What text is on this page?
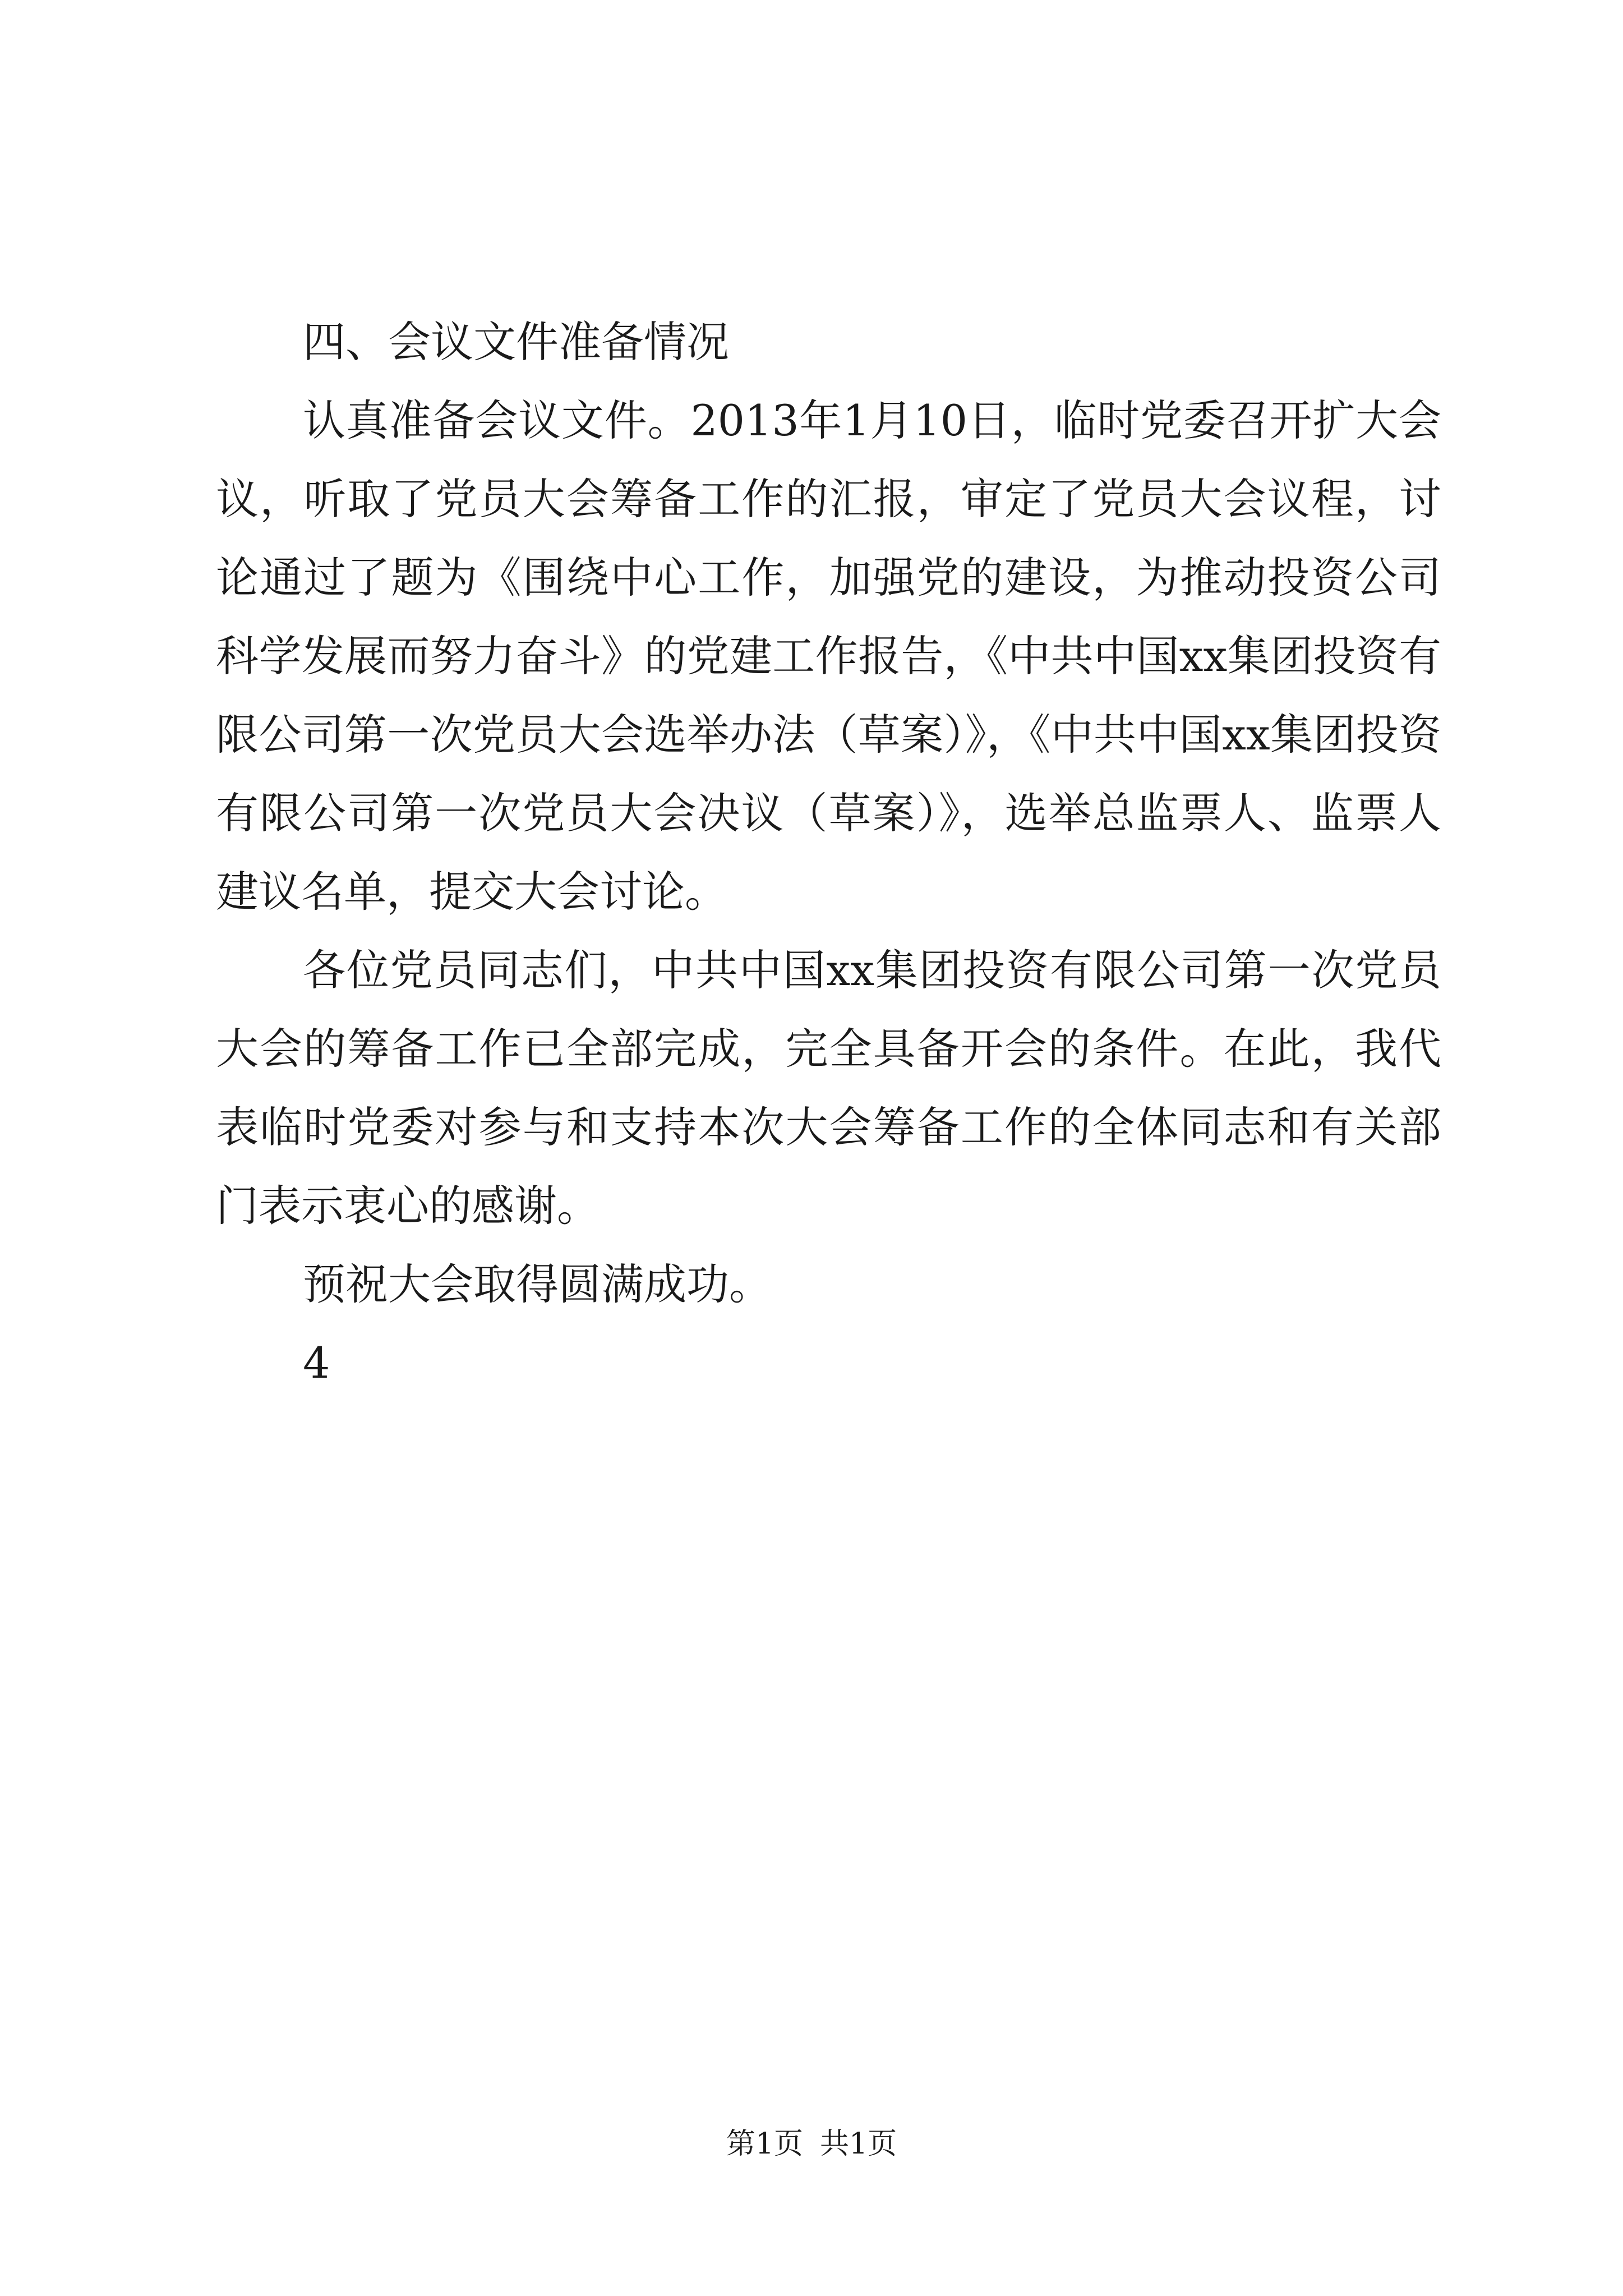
四、会议文件准备情况

认真准备会议文件。2013年1月10日，临时党委召开扩大会议，听取了党员大会筹备工作的汇报，审定了党员大会议程，讨论通过了题为《围绕中心工作，加强党的建设，为推动投资公司科学发展而努力奋斗》的党建工作报告，《中共中国xx集团投资有限公司第一次党员大会选举办法（草案）》，《中共中国xx集团投资有限公司第一次党员大会决议（草案）》，选举总监票人、监票人建议名单，提交大会讨论。

各位党员同志们，中共中国xx集团投资有限公司第一次党员大会的筹备工作已全部完成，完全具备开会的条件。在此，我代表临时党委对参与和支持本次大会筹备工作的全体同志和有关部门表示衷心的感谢。

预祝大会取得圆满成功。

4

第1页 共1页
